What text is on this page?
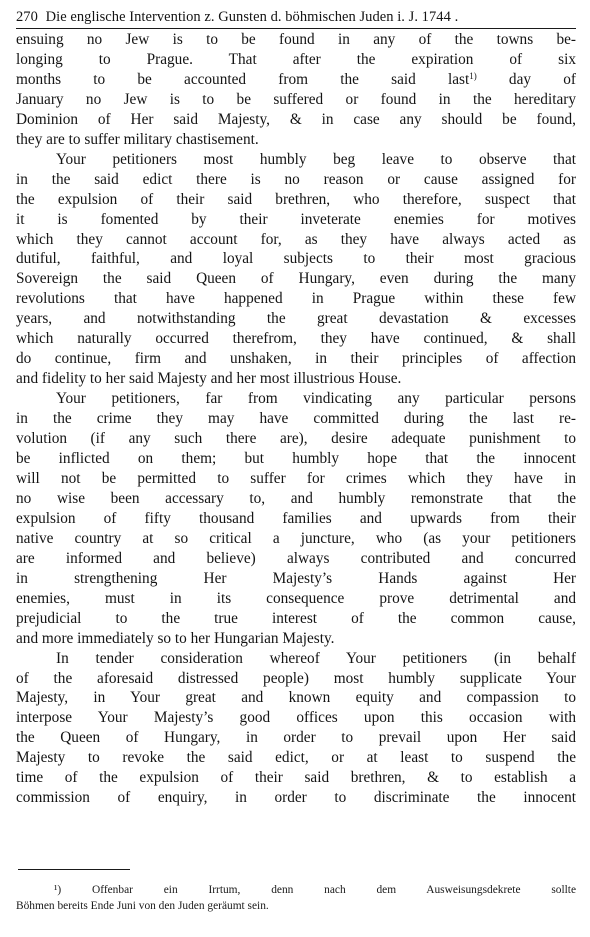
270 Die englische Intervention z. Gunsten d. böhmischen Juden i. J. 1744 .

ensuing no Jew is to be found in any of the towns be-
longing to Prague. That after the expiration of six
months to be accounted from the said last$^{1)}$ day of
January no Jew is to be suffered or found in the hereditary
Dominion of Her said Majesty, & in case any should be found,
they are to suffer military chastisement.
Your petitioners most humbly beg leave to observe that
in the said edict there is no reason or cause assigned for
the expulsion of their said brethren, who therefore, suspect that
it is fomented by their inveterate enemies for motives
which they cannot account for, as they have always acted as
dutiful, faithful, and loyal subjects to their most gracious
Sovereign the said Queen of Hungary, even during the many
revolutions that have happened in Prague within these few
years, and notwithstanding the great devastation & excesses
which naturally occurred therefrom, they have continued, & shall
do continue, firm and unshaken, in their principles of affection
and fidelity to her said Majesty and her most illustrious House.
Your petitioners, far from vindicating any particular persons
in the crime they may have committed during the last re-
volution (if any such there are), desire adequate punishment to
be inflicted on them; but humbly hope that the innocent
will not be permitted to suffer for crimes which they have in
no wise been accessary to, and humbly remonstrate that the
expulsion of fifty thousand families and upwards from their
native country at so critical a juncture, who (as your petitioners
are informed and believe) always contributed and concurred
in strengthening Her Majesty’s Hands against Her
enemies, must in its consequence prove detrimental and
prejudicial to the true interest of the common cause,
and more immediately so to her Hungarian Majesty.
In tender consideration whereof Your petitioners (in behalf
of the aforesaid distressed people) most humbly supplicate Your
Majesty, in Your great and known equity and compassion to
interpose Your Majesty’s good offices upon this occasion with
the Queen of Hungary, in order to prevail upon Her said
Majesty to revoke the said edict, or at least to suspend the
time of the expulsion of their said brethren, & to establish a
commission of enquiry, in order to discriminate the innocent

¹) Offenbar ein Irrtum, denn nach dem Ausweisungsdekrete sollte
Böhmen bereits Ende Juni von den Juden geräumt sein.
